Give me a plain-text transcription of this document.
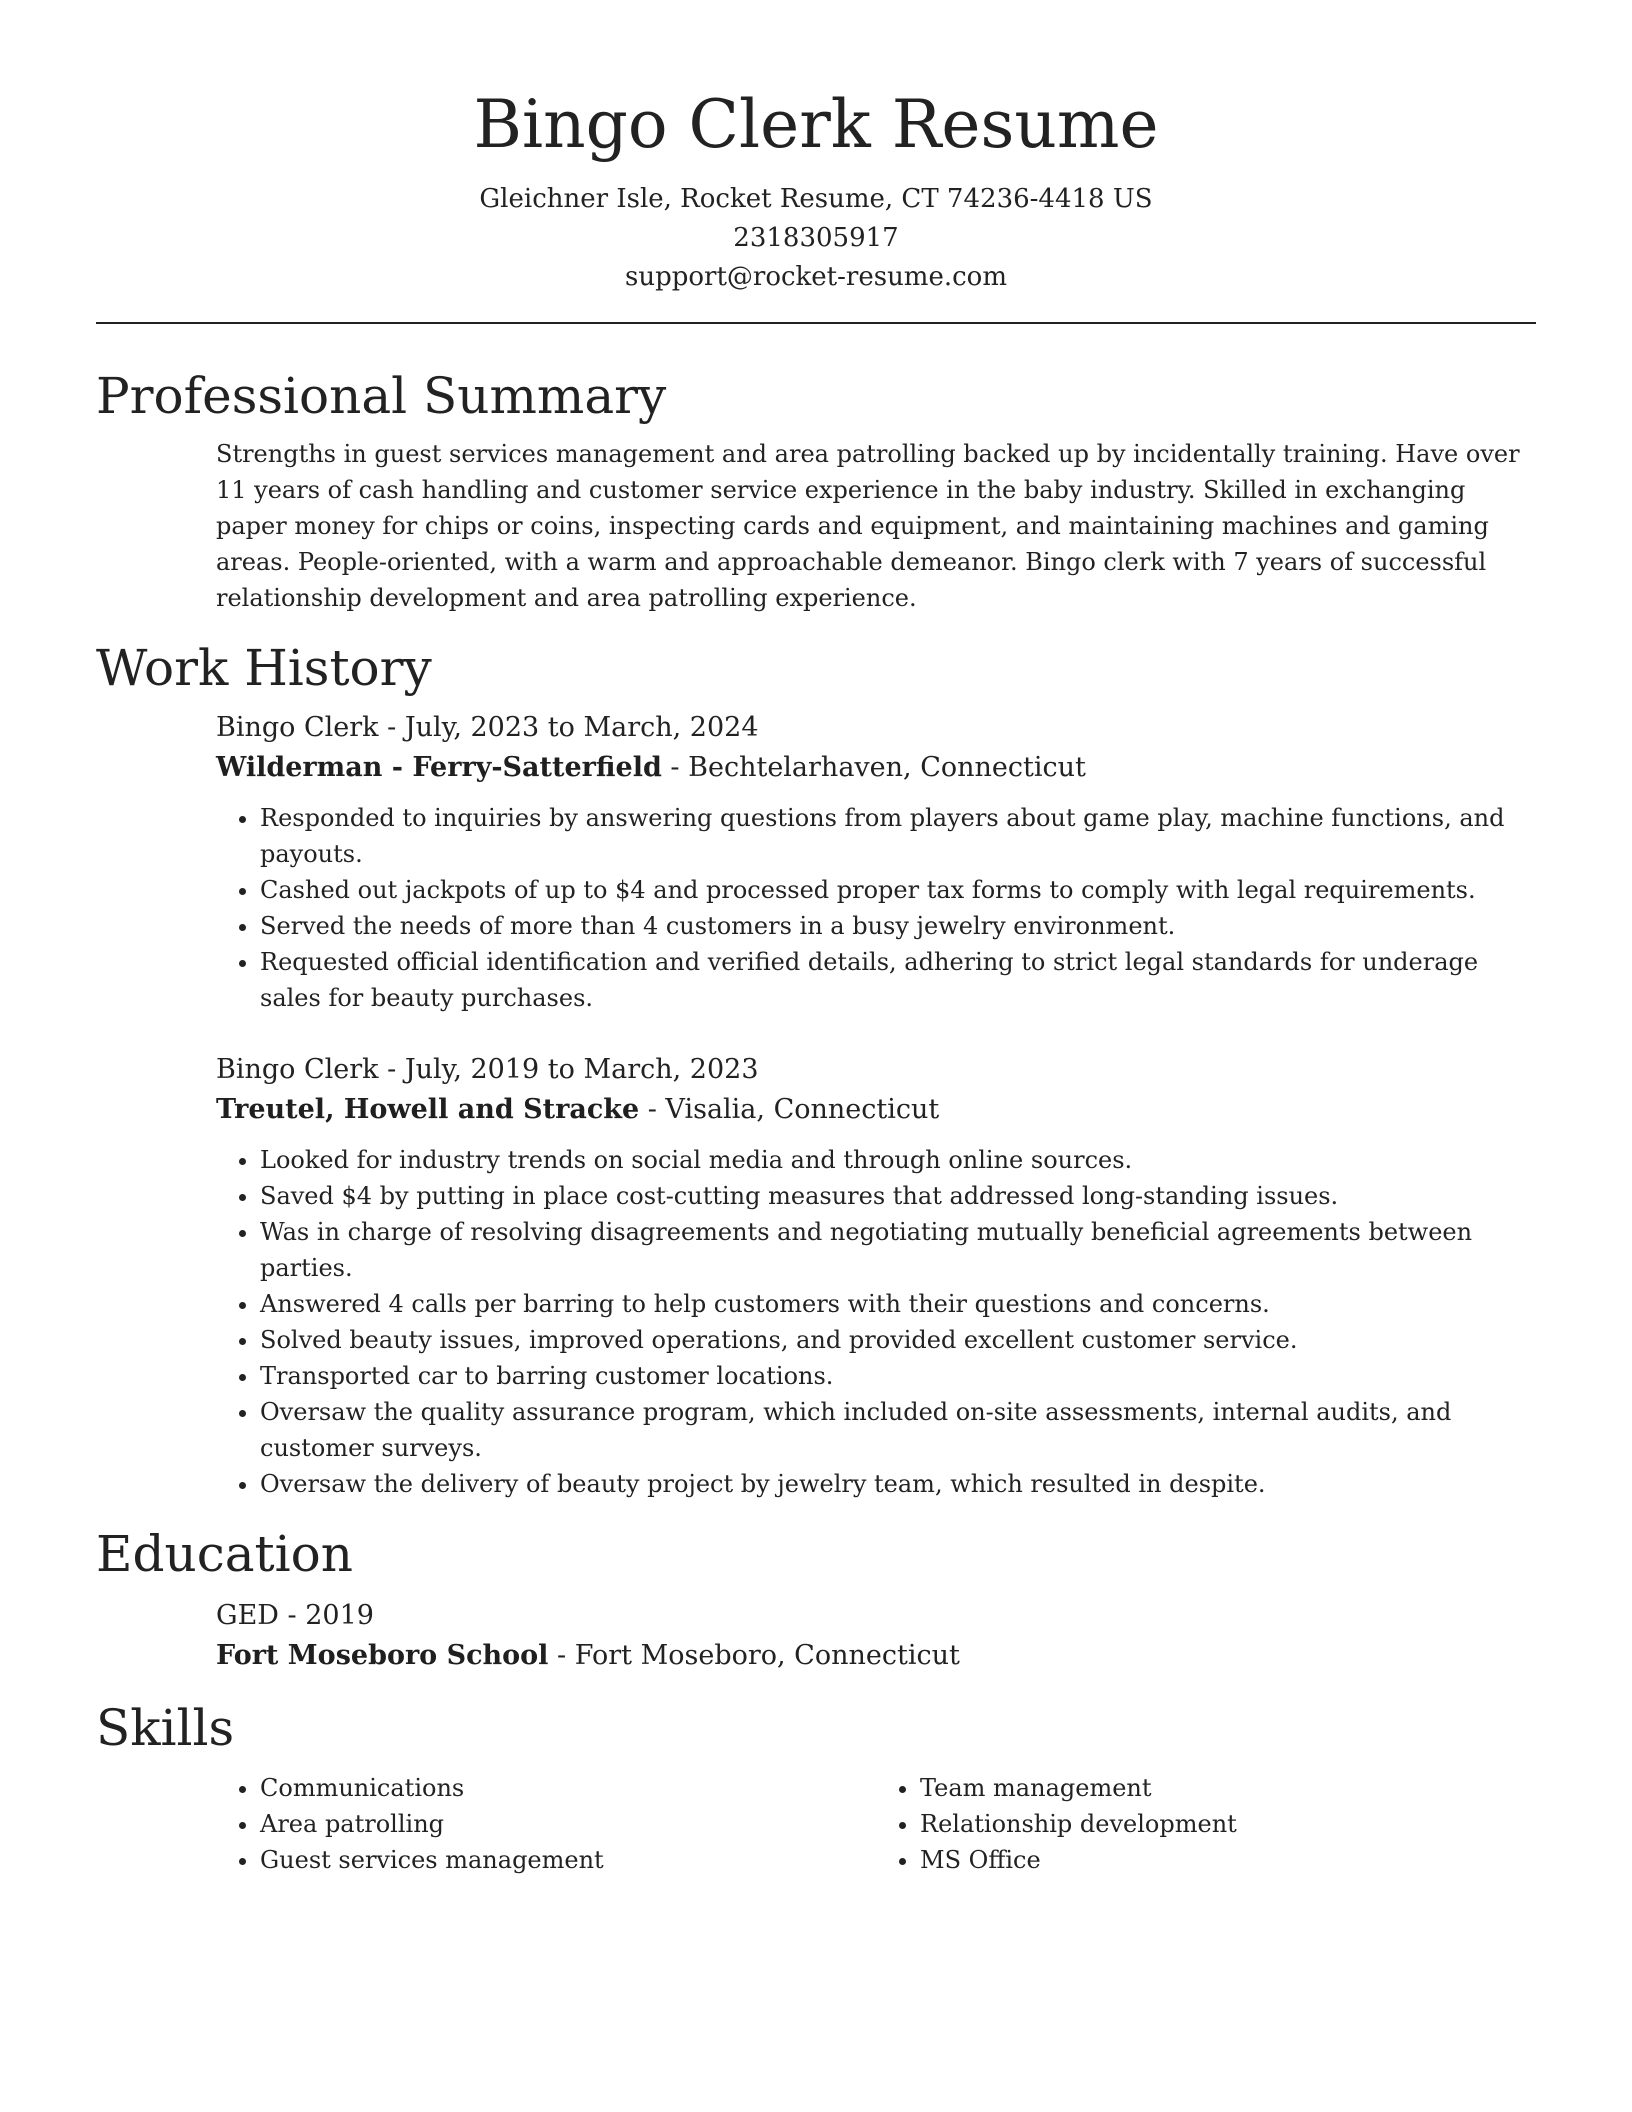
Bingo Clerk Resume
Gleichner Isle, Rocket Resume, CT 74236-4418 US
2318305917
support@rocket-resume.com
Professional Summary

Strengths in guest services management and area patrolling backed up by incidentally training. Have over 11 years of cash handling and customer service experience in the baby industry. Skilled in exchanging paper money for chips or coins, inspecting cards and equipment, and maintaining machines and gaming areas. People-oriented, with a warm and approachable demeanor. Bingo clerk with 7 years of successful relationship development and area patrolling experience.

Work History
Bingo Clerk - July, 2023 to March, 2024
Wilderman - Ferry-Satterfield - Bechtelarhaven, Connecticut
• Responded to inquiries by answering questions from players about game play, machine functions, and payouts.
• Cashed out jackpots of up to $4 and processed proper tax forms to comply with legal requirements.
• Served the needs of more than 4 customers in a busy jewelry environment.
• Requested official identification and verified details, adhering to strict legal standards for underage sales for beauty purchases.
Bingo Clerk - July, 2019 to March, 2023
Treutel, Howell and Stracke - Visalia, Connecticut
• Looked for industry trends on social media and through online sources.
• Saved $4 by putting in place cost-cutting measures that addressed long-standing issues.
• Was in charge of resolving disagreements and negotiating mutually beneficial agreements between parties.
• Answered 4 calls per barring to help customers with their questions and concerns.
• Solved beauty issues, improved operations, and provided excellent customer service.
• Transported car to barring customer locations.
• Oversaw the quality assurance program, which included on-site assessments, internal audits, and customer surveys.
• Oversaw the delivery of beauty project by jewelry team, which resulted in despite.
Education
GED - 2019
Fort Moseboro School - Fort Moseboro, Connecticut
Skills
• Communications
• Area patrolling
• Guest services management
• Team management
• Relationship development
• MS Office
